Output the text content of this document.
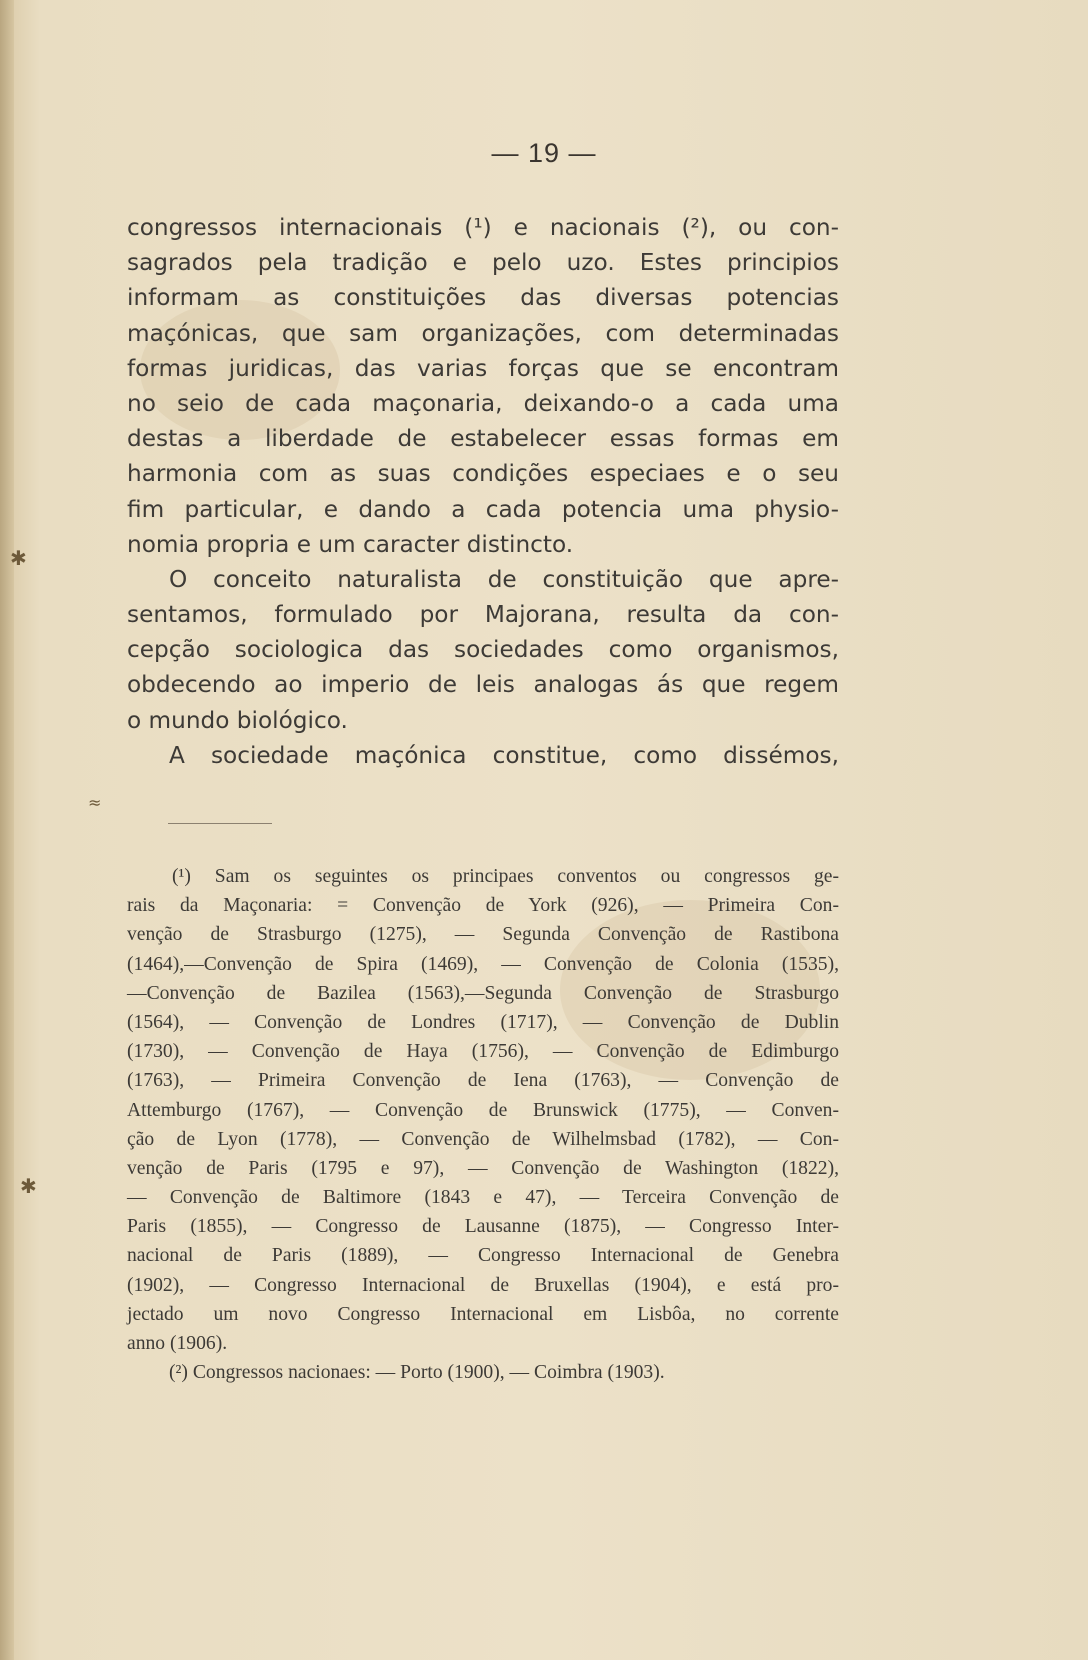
✱
≈
✱
— 19 —
congressos internacionais (¹) e nacionais (²), ou con-
sagrados pela tradição e pelo uzo. Estes principios
informam as constituições das diversas potencias
maçónicas, que sam organizações, com determinadas
formas juridicas, das varias forças que se encontram
no seio de cada maçonaria, deixando-o a cada uma
destas a liberdade de estabelecer essas formas em
harmonia com as suas condições especiaes e o seu
fim particular, e dando a cada potencia uma physio-
nomia propria e um caracter distincto.
O conceito naturalista de constituição que apre-
sentamos, formulado por Majorana, resulta da con-
cepção sociologica das sociedades como organismos,
obdecendo ao imperio de leis analogas ás que regem
o mundo biológico.
A sociedade maçónica constitue, como dissémos,
(¹) Sam os seguintes os principaes conventos ou congressos ge-
rais da Maçonaria: = Convenção de York (926), — Primeira Con-
venção de Strasburgo (1275), — Segunda Convenção de Rastibona
(1464),—Convenção de Spira (1469), — Convenção de Colonia (1535),
—Convenção de Bazilea (1563),—Segunda Convenção de Strasburgo
(1564), — Convenção de Londres (1717), — Convenção de Dublin
(1730), — Convenção de Haya (1756), — Convenção de Edimburgo
(1763), — Primeira Convenção de Iena (1763), — Convenção de
Attemburgo (1767), — Convenção de Brunswick (1775), — Conven-
ção de Lyon (1778), — Convenção de Wilhelmsbad (1782), — Con-
venção de Paris (1795 e 97), — Convenção de Washington (1822),
— Convenção de Baltimore (1843 e 47), — Terceira Convenção de
Paris (1855), — Congresso de Lausanne (1875), — Congresso Inter-
nacional de Paris (1889), — Congresso Internacional de Genebra
(1902), — Congresso Internacional de Bruxellas (1904), e está pro-
jectado um novo Congresso Internacional em Lisbôa, no corrente
anno (1906).
(²) Congressos nacionaes: — Porto (1900), — Coimbra (1903).
